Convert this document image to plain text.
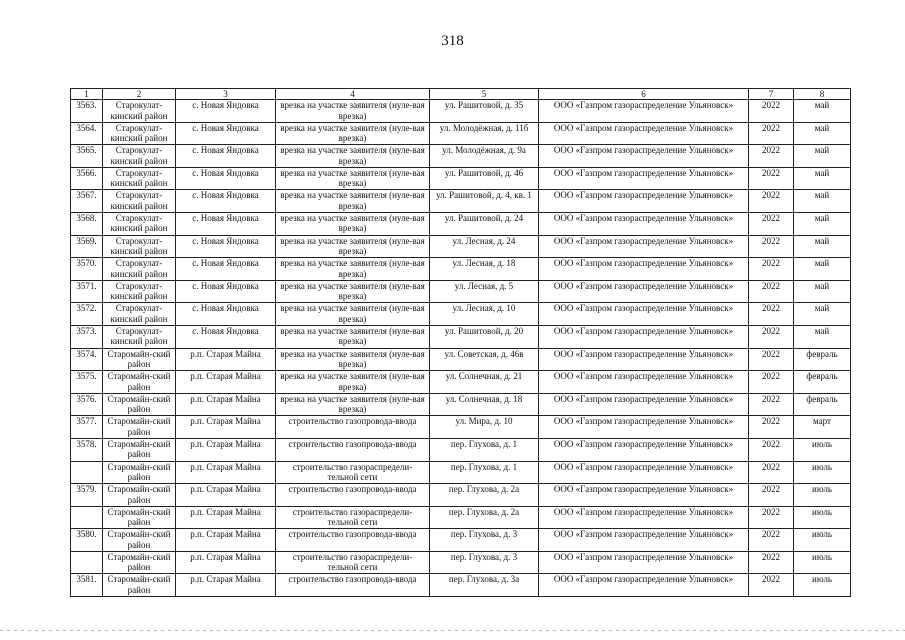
318
1	2	3	4	5	6	7	8
3563.	Старокулат-кинский район	с. Новая Яндовка	врезка на участке заявителя (нуле-вая врезка)	ул. Рашитовой, д. 35	ООО «Газпром газораспределение Ульяновск»	2022	май
3564.	Старокулат-кинский район	с. Новая Яндовка	врезка на участке заявителя (нуле-вая врезка)	ул. Молодёжная, д. 11б	ООО «Газпром газораспределение Ульяновск»	2022	май
3565.	Старокулат-кинский район	с. Новая Яндовка	врезка на участке заявителя (нуле-вая врезка)	ул. Молодёжная, д. 9а	ООО «Газпром газораспределение Ульяновск»	2022	май
3566.	Старокулат-кинский район	с. Новая Яндовка	врезка на участке заявителя (нуле-вая врезка)	ул. Рашитовой, д. 46	ООО «Газпром газораспределение Ульяновск»	2022	май
3567.	Старокулат-кинский район	с. Новая Яндовка	врезка на участке заявителя (нуле-вая врезка)	ул. Рашитовой, д. 4, кв. 1	ООО «Газпром газораспределение Ульяновск»	2022	май
3568.	Старокулат-кинский район	с. Новая Яндовка	врезка на участке заявителя (нуле-вая врезка)	ул. Рашитовой, д. 24	ООО «Газпром газораспределение Ульяновск»	2022	май
3569.	Старокулат-кинский район	с. Новая Яндовка	врезка на участке заявителя (нуле-вая врезка)	ул. Лесная, д. 24	ООО «Газпром газораспределение Ульяновск»	2022	май
3570.	Старокулат-кинский район	с. Новая Яндовка	врезка на участке заявителя (нуле-вая врезка)	ул. Лесная, д. 18	ООО «Газпром газораспределение Ульяновск»	2022	май
3571.	Старокулат-кинский район	с. Новая Яндовка	врезка на участке заявителя (нуле-вая врезка)	ул. Лесная, д. 5	ООО «Газпром газораспределение Ульяновск»	2022	май
3572.	Старокулат-кинский район	с. Новая Яндовка	врезка на участке заявителя (нуле-вая врезка)	ул. Лесная, д. 10	ООО «Газпром газораспределение Ульяновск»	2022	май
3573.	Старокулат-кинский район	с. Новая Яндовка	врезка на участке заявителя (нуле-вая врезка)	ул. Рашитовой, д. 20	ООО «Газпром газораспределение Ульяновск»	2022	май
3574.	Старомайн-ский район	р.п. Старая Майна	врезка на участке заявителя (нуле-вая врезка)	ул. Советская, д. 46в	ООО «Газпром газораспределение Ульяновск»	2022	февраль
3575.	Старомайн-ский район	р.п. Старая Майна	врезка на участке заявителя (нуле-вая врезка)	ул. Солнечная, д. 21	ООО «Газпром газораспределение Ульяновск»	2022	февраль
3576.	Старомайн-ский район	р.п. Старая Майна	врезка на участке заявителя (нуле-вая врезка)	ул. Солнечная, д. 18	ООО «Газпром газораспределение Ульяновск»	2022	февраль
3577.	Старомайн-ский район	р.п. Старая Майна	строительство газопровода-ввода	ул. Мира, д. 10	ООО «Газпром газораспределение Ульяновск»	2022	март
3578.	Старомайн-ский район	р.п. Старая Майна	строительство газопровода-ввода	пер. Глухова, д. 1	ООО «Газпром газораспределение Ульяновск»	2022	июль
	Старомайн-ский район	р.п. Старая Майна	строительство газораспредели-тельной сети	пер. Глухова, д. 1	ООО «Газпром газораспределение Ульяновск»	2022	июль
3579.	Старомайн-ский район	р.п. Старая Майна	строительство газопровода-ввода	пер. Глухова, д. 2а	ООО «Газпром газораспределение Ульяновск»	2022	июль
	Старомайн-ский район	р.п. Старая Майна	строительство газораспредели-тельной сети	пер. Глухова, д. 2а	ООО «Газпром газораспределение Ульяновск»	2022	июль
3580.	Старомайн-ский район	р.п. Старая Майна	строительство газопровода-ввода	пер. Глухова, д. 3	ООО «Газпром газораспределение Ульяновск»	2022	июль
	Старомайн-ский район	р.п. Старая Майна	строительство газораспредели-тельной сети	пер. Глухова, д. 3	ООО «Газпром газораспределение Ульяновск»	2022	июль
3581.	Старомайн-ский район	р.п. Старая Майна	строительство газопровода-ввода	пер. Глухова, д. 3а	ООО «Газпром газораспределение Ульяновск»	2022	июль
